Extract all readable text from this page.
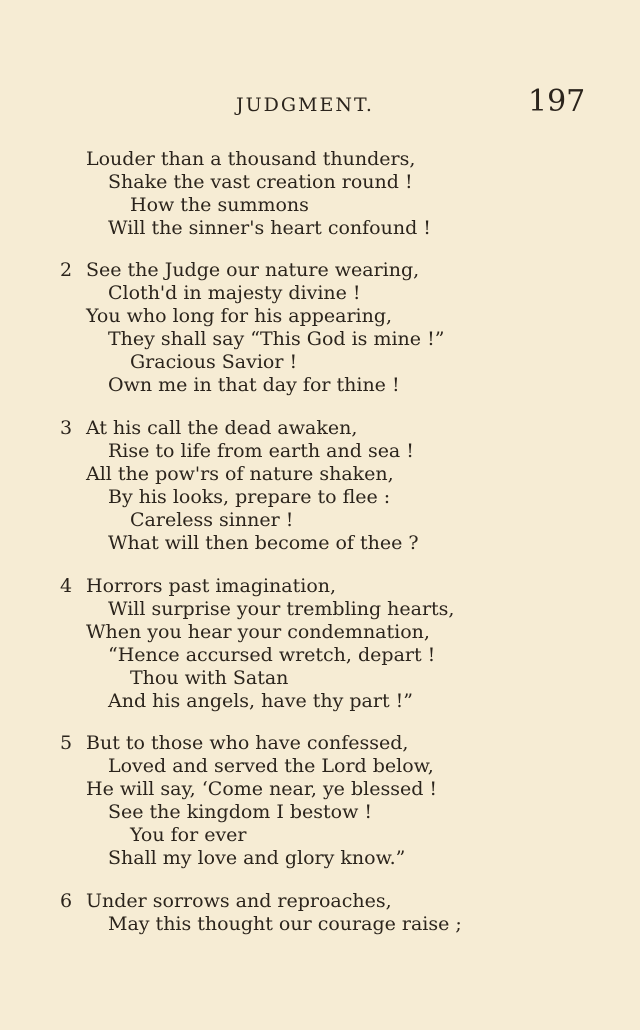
JUDGMENT.	197
Louder than a thousand thunders,
Shake the vast creation round !
How the summons
Will the sinner's heart confound !
2 See the Judge our nature wearing,
Cloth'd in majesty divine !
You who long for his appearing,
They shall say “This God is mine !”
Gracious Savior !
Own me in that day for thine !
3 At his call the dead awaken,
Rise to life from earth and sea !
All the pow'rs of nature shaken,
By his looks, prepare to flee :
Careless sinner !
What will then become of thee ?
4 Horrors past imagination,
Will surprise your trembling hearts,
When you hear your condemnation,
“Hence accursed wretch, depart !
Thou with Satan
And his angels, have thy part !”
5 But to those who have confessed,
Loved and served the Lord below,
He will say, ‘Come near, ye blessed !
See the kingdom I bestow !
You for ever
Shall my love and glory know.”
6 Under sorrows and reproaches,
May this thought our courage raise ;
